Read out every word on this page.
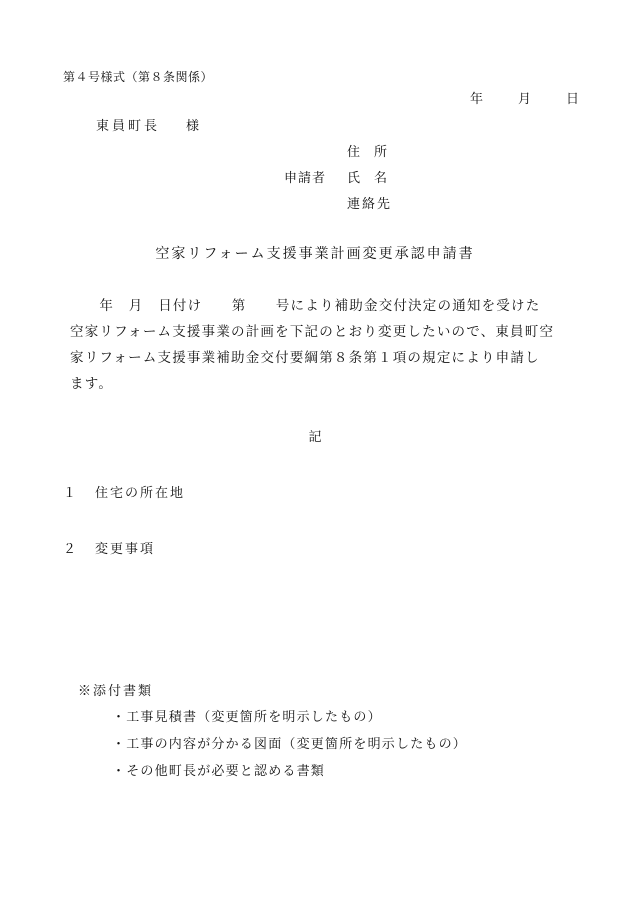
第４号様式（第８条関係）
年	月	日
東員町長 様
住所
申請者 氏名
連絡先
空家リフォーム支援事業計画変更承認申請書
　　年　月　日付け　　第　　号により補助金交付決定の通知を受けた
空家リフォーム支援事業の計画を下記のとおり変更したいので、東員町空
家リフォーム支援事業補助金交付要綱第８条第１項の規定により申請し
ます。
記
１ 住宅の所在地
２ 変更事項
※添付書類
・工事見積書（変更箇所を明示したもの）
・工事の内容が分かる図面（変更箇所を明示したもの）
・その他町長が必要と認める書類
